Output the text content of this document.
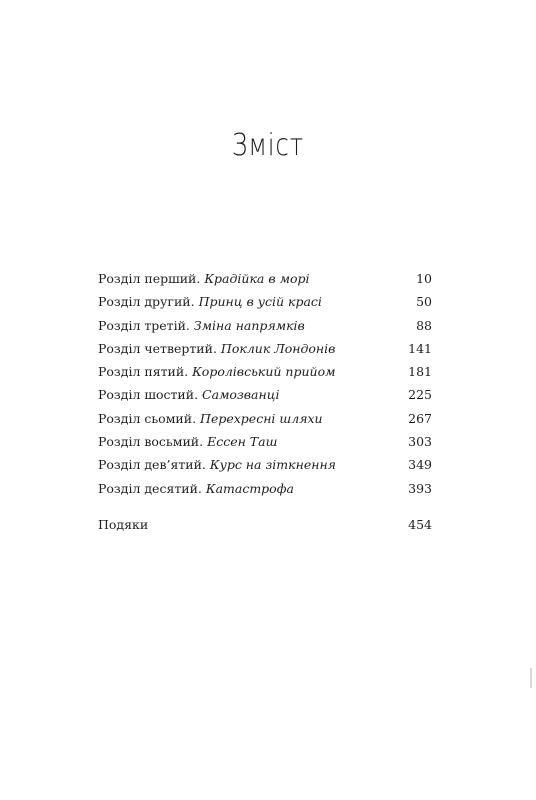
Зміст
Розділ перший. Крадійка в морі	10
Розділ другий. Принц в усій красі	50
Розділ третій. Зміна напрямків	88
Розділ четвертий. Поклик Лондонів	141
Розділ пятий. Королівський прийом	181
Розділ шостий. Самозванці	225
Розділ сьомий. Перехресні шляхи	267
Розділ восьмий. Ессен Таш	303
Розділ дев’ятий. Курс на зіткнення	349
Розділ десятий. Катастрофа	393
Подяки	454
